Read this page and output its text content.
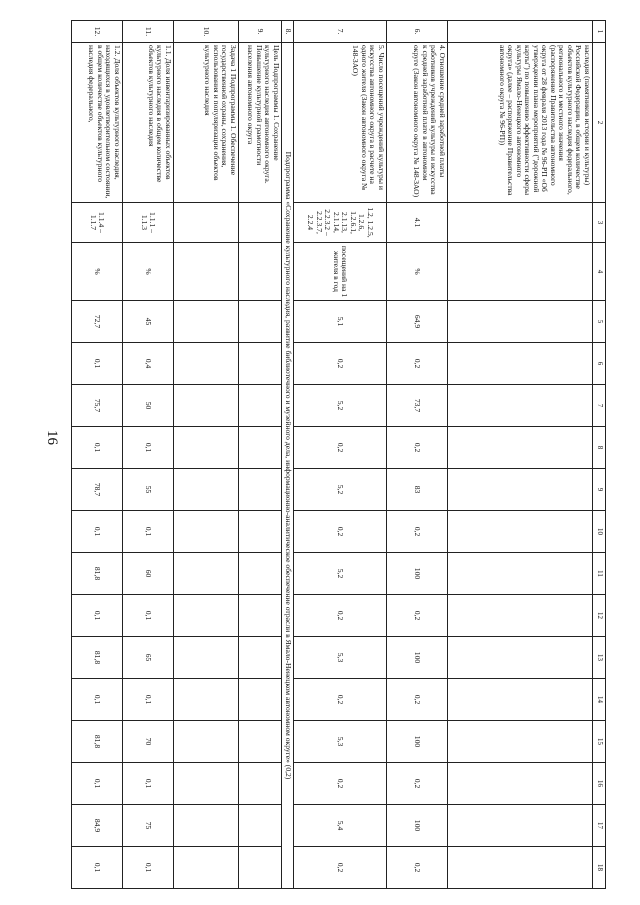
16
1	2	3	4	5	6	7	8	9	10	11	12	13	14	15	16	17	18
	наследия (памятников истории и культуры) Российской Федерации, в общем количестве объектов культурного наследия федерального, регионального и местного значения (распоряжение Правительства автономного округа от 28 февраля 2013 года № 96-РП «Об утверждении плана мероприятий ("дорожной карты") по повышению эффективности сферы культуры Ямало-Ненецкого автономного округа» (далее – распоряжение Правительства автономного округа № 96-РП))																
6.	4. Отношение средней заработной платы работников учреждений культуры и искусства к средней заработной плате в автономном округе (Закон автономного округа № 148-ЗАО)	4.1	%	64,9	0,2	73,7	0,2	83	0,2	100	0,2	100	0,2	100	0,2	100	0,2
7.	5. Число посещений учреждений культуры и искусства автономного округа в расчете на одного жителя (Закон автономного округа № 148-ЗАО)	1.2, 1.2.5, 1.2.6, 1.2.6.1, 2.1.13, 2.1.14, 2.2.3.2 – 2.2.3.7, 2.2.4	посещений на 1 жителя в год	5,1	0,2	5,2	0,2	5,2	0,2	5,2	0,2	5,3	0,2	5,3	0,2	5,4	0,2
8.	Подпрограмма «Сохранение культурного наследия, развитие библиотечного и музейного дела, информационно-аналитическое обеспечение отрасли в Ямало-Ненецком автономном округе» (0,2)																
9.	Цель Подпрограммы 1. Сохранение культурного наследия автономного округа. Повышение культурной грамотности населения автономного округа																
10.	Задача 1 Подпрограммы 1. Обеспечение государственной охраны, сохранения, использования и популяризации объектов культурного наследия																
11.	1.1. Доля инвентаризированных объектов культурного наследия в общем количестве объектов культурного наследия	1.1.1 – 1.1.3	%	45	0,4	50	0,1	55	0,1	60	0,1	65	0,1	70	0,1	75	0,1
12.	1.2. Доля объектов культурного наследия, находящихся в удовлетворительном состоянии, в общем количестве объектов культурного наследия федерального,	1.1.4 – 1.1.7	%	72,7	0,1	75,7	0,1	78,7	0,1	81,8	0,1	81,8	0,1	81,8	0,1	84,9	0,1
